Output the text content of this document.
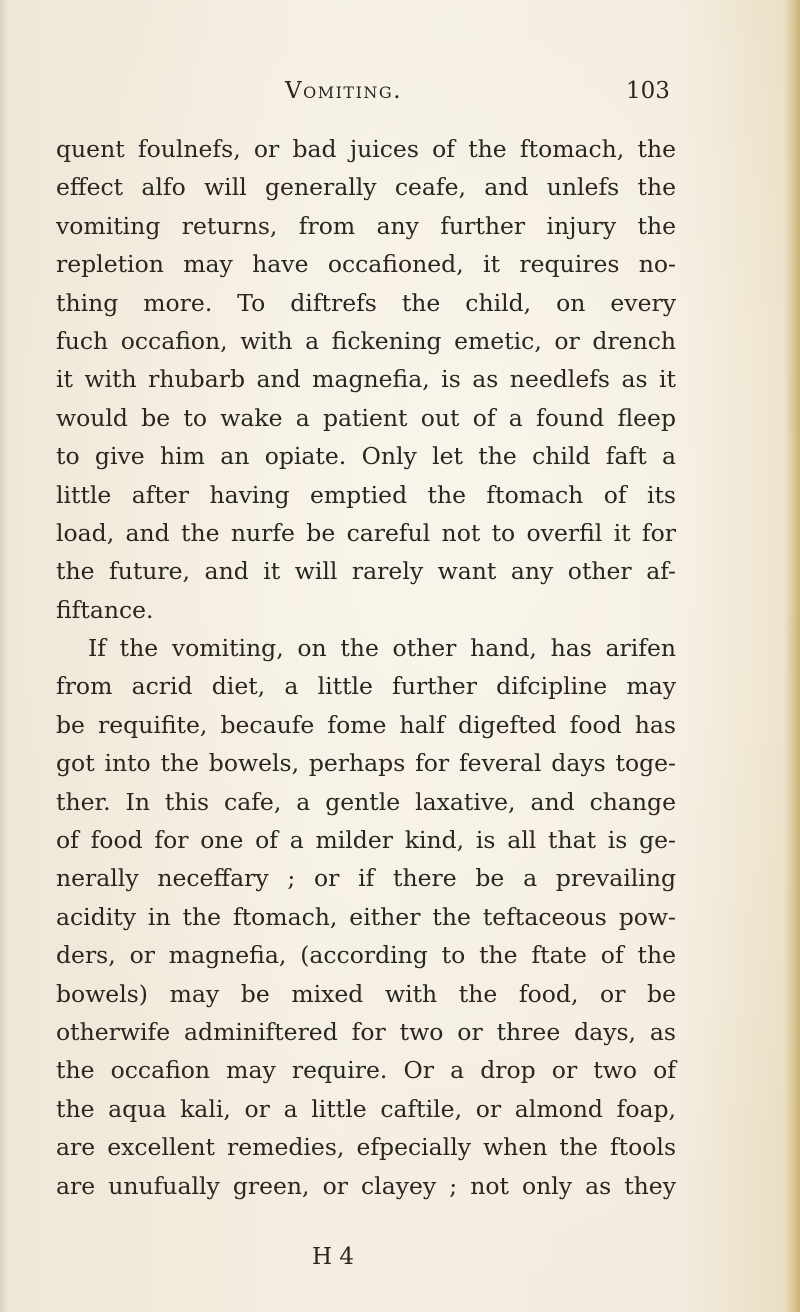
Vomiting.	103
quent foulnefs, or bad juices of the ftomach, the
effect alfo will generally ceafe, and unlefs the
vomiting returns, from any further injury the
repletion may have occafioned, it requires no-
thing more. To diftrefs the child, on every
fuch occafion, with a fickening emetic, or drench
it with rhubarb and magnefia, is as needlefs as it
would be to wake a patient out of a found fleep
to give him an opiate. Only let the child faft a
little after having emptied the ftomach of its
load, and the nurfe be careful not to overfil it for
the future, and it will rarely want any other af-
fiftance.
If the vomiting, on the other hand, has arifen
from acrid diet, a little further difcipline may
be requifite, becaufe fome half digefted food has
got into the bowels, perhaps for feveral days toge-
ther. In this cafe, a gentle laxative, and change
of food for one of a milder kind, is all that is ge-
nerally neceffary ; or if there be a prevailing
acidity in the ftomach, either the teftaceous pow-
ders, or magnefia, (according to the ftate of the
bowels) may be mixed with the food, or be
otherwife adminiftered for two or three days, as
the occafion may require. Or a drop or two of
the aqua kali, or a little caftile, or almond foap,
are excellent remedies, efpecially when the ftools
are unufually green, or clayey ; not only as they
H 4
